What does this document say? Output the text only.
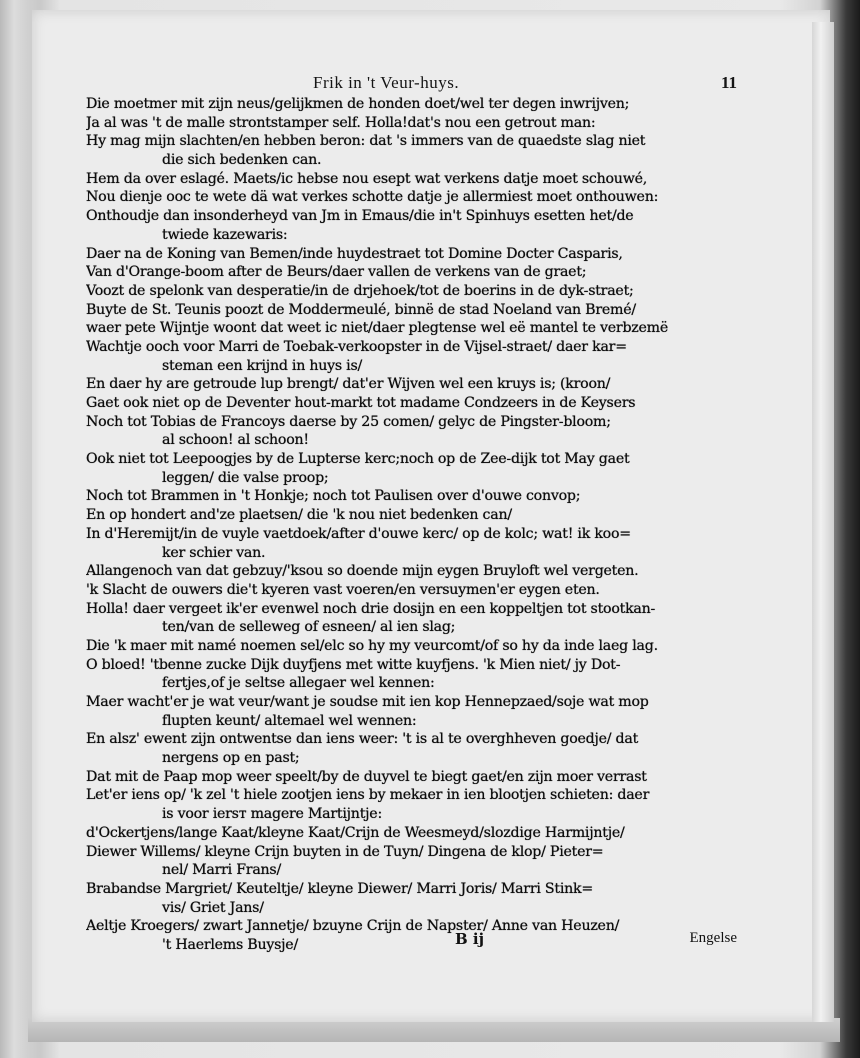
Frik in 't Veur-huys.	11
Die moetmer mit zijn neus/gelijkmen de honden doet/wel ter degen inwrijven;
Ja al was 't de malle strontstamper self. Holla!dat's nou een getrout man:
Hy mag mijn slachten/en hebben beron: dat 's immers van de quaedste slag niet
die sich bedenken can.
Hem da over eslagé. Maets/ic hebse nou esept wat verkens datje moet schouwé,
Nou dienje ooc te wete dä wat verkes schotte datje je allermiest moet onthouwen:
Onthoudje dan insonderheyd van Jm in Emaus/die in't Spinhuys esetten het/de
twiede kazewaris:
Daer na de Koning van Bemen/inde huydestraet tot Domine Docter Casparis,
Van d'Orange-boom after de Beurs/daer vallen de verkens van de graet;
Voozt de spelonk van desperatie/in de drjehoek/tot de boerins in de dyk-straet;
Buyte de St. Teunis poozt de Moddermeulé, binnë de stad Noeland van Bremé/
waer pete Wijntje woont dat weet ic niet/daer plegtense wel eë mantel te verbzemë
Wachtje ooch voor Marri de Toebak-verkoopster in de Vijsel-straet/ daer kar=
steman een krijnd in huys is/
En daer hy are getroude lup brengt/ dat'er Wijven wel een kruys is; (kroon/
Gaet ook niet op de Deventer hout-markt tot madame Condzeers in de Keysers
Noch tot Tobias de Francoys daerse by 25 comen/ gelyc de Pingster-bloom;
al schoon! al schoon!
Ook niet tot Leepoogjes by de Lupterse kerc;noch op de Zee-dijk tot May gaet
leggen/ die valse proop;
Noch tot Brammen in 't Honkje; noch tot Paulisen over d'ouwe convop;
En op hondert and'ze plaetsen/ die 'k nou niet bedenken can/
In d'Heremijt/in de vuyle vaetdoek/after d'ouwe kerc/ op de kolc; wat! ik koo=
ker schier van.
Allangenoch van dat gebzuy/'ksou so doende mijn eygen Bruyloft wel vergeten.
'k Slacht de ouwers die't kyeren vast voeren/en versuymen'er eygen eten.
Holla! daer vergeet ik'er evenwel noch drie dosijn en een koppeltjen tot stootkan-
ten/van de selleweg of esneen/ al ien slag;
Die 'k maer mit namé noemen sel/elc so hy my veurcomt/of so hy da inde laeg lag.
O bloed! 'tbenne zucke Dijk duyfjens met witte kuyfjens. 'k Mien niet/ jy Dot-
fertjes,of je seltse allegaer wel kennen:
Maer wacht'er je wat veur/want je soudse mit ien kop Hennepzaed/soje wat mop
flupten keunt/ altemael wel wennen:
En alsz' ewent zijn ontwentse dan iens weer: 't is al te overghheven goedje/ dat
nergens op en past;
Dat mit de Paap mop weer speelt/by de duyvel te biegt gaet/en zijn moer verrast
Let'er iens op/ 'k zel 't hiele zootjen iens by mekaer in ien blootjen schieten: daer
is voor iersт magere Martijntje:
d'Ockertjens/lange Kaat/kleyne Kaat/Crijn de Weesmeyd/slozdige Harmijntje/
Diewer Willems/ kleyne Crijn buyten in de Tuyn/ Dingena de klop/ Pieter=
nel/ Marri Frans/
Brabandse Margriet/ Keuteltje/ kleyne Diewer/ Marri Joris/ Marri Stink=
vis/ Griet Jans/
Aeltje Kroegers/ zwart Jannetje/ bzuyne Crijn de Napster/ Anne van Heuzen/
't Haerlems Buysje/	B ij	Engelse
